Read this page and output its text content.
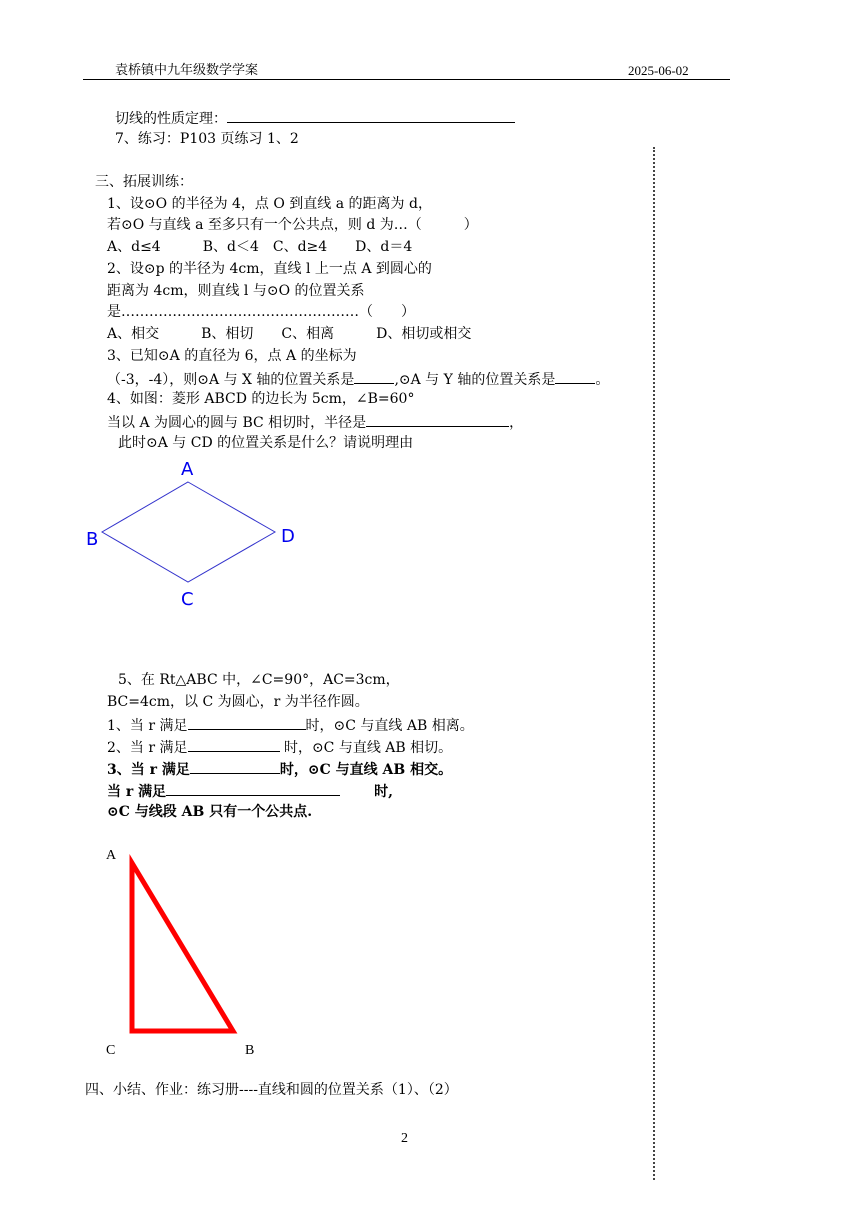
袁桥镇中九年级数学学案	2025-06-02
切线的性质定理：
7、练习：P103 页练习 1、2
三、拓展训练：
1、设⊙O 的半径为 4，点 O 到直线 a 的距离为 d，
若⊙O 与直线 a 至多只有一个公共点，则 d 为…（　　　）
A、d≤4　　　B、d＜4　C、d≥4　　D、d＝4
2、设⊙p 的半径为 4cm，直线 l 上一点 A 到圆心的
距离为 4cm，则直线 l 与⊙O 的位置关系
是……………………………………………（　　）
A、相交　　　B、相切　　C、相离　　　D、相切或相交
3、已知⊙A 的直径为 6，点 A 的坐标为
（-3，-4），则⊙A 与 X 轴的位置关系是	,⊙A 与 Y 轴的位置关系是	。
4、如图：菱形 ABCD 的边长为 5cm，∠B=60°
当以 A 为圆心的圆与 BC 相切时，半径是	，
此时⊙A 与 CD 的位置关系是什么？请说明理由
A
B
C
D
A
C	B
5、在 Rt△ABC 中，∠C=90°，AC=3cm，
BC=4cm，以 C 为圆心，r 为半径作圆。
1、当 r 满足	时，⊙C 与直线 AB 相离。
2、当 r 满足	时，⊙C 与直线 AB 相切。
3、当 r 满足	时，⊙C 与直线 AB 相交。
当 r 满足	时,
⊙C 与线段 AB 只有一个公共点.
四、小结、作业：练习册----直线和圆的位置关系（1）、（2）
2
